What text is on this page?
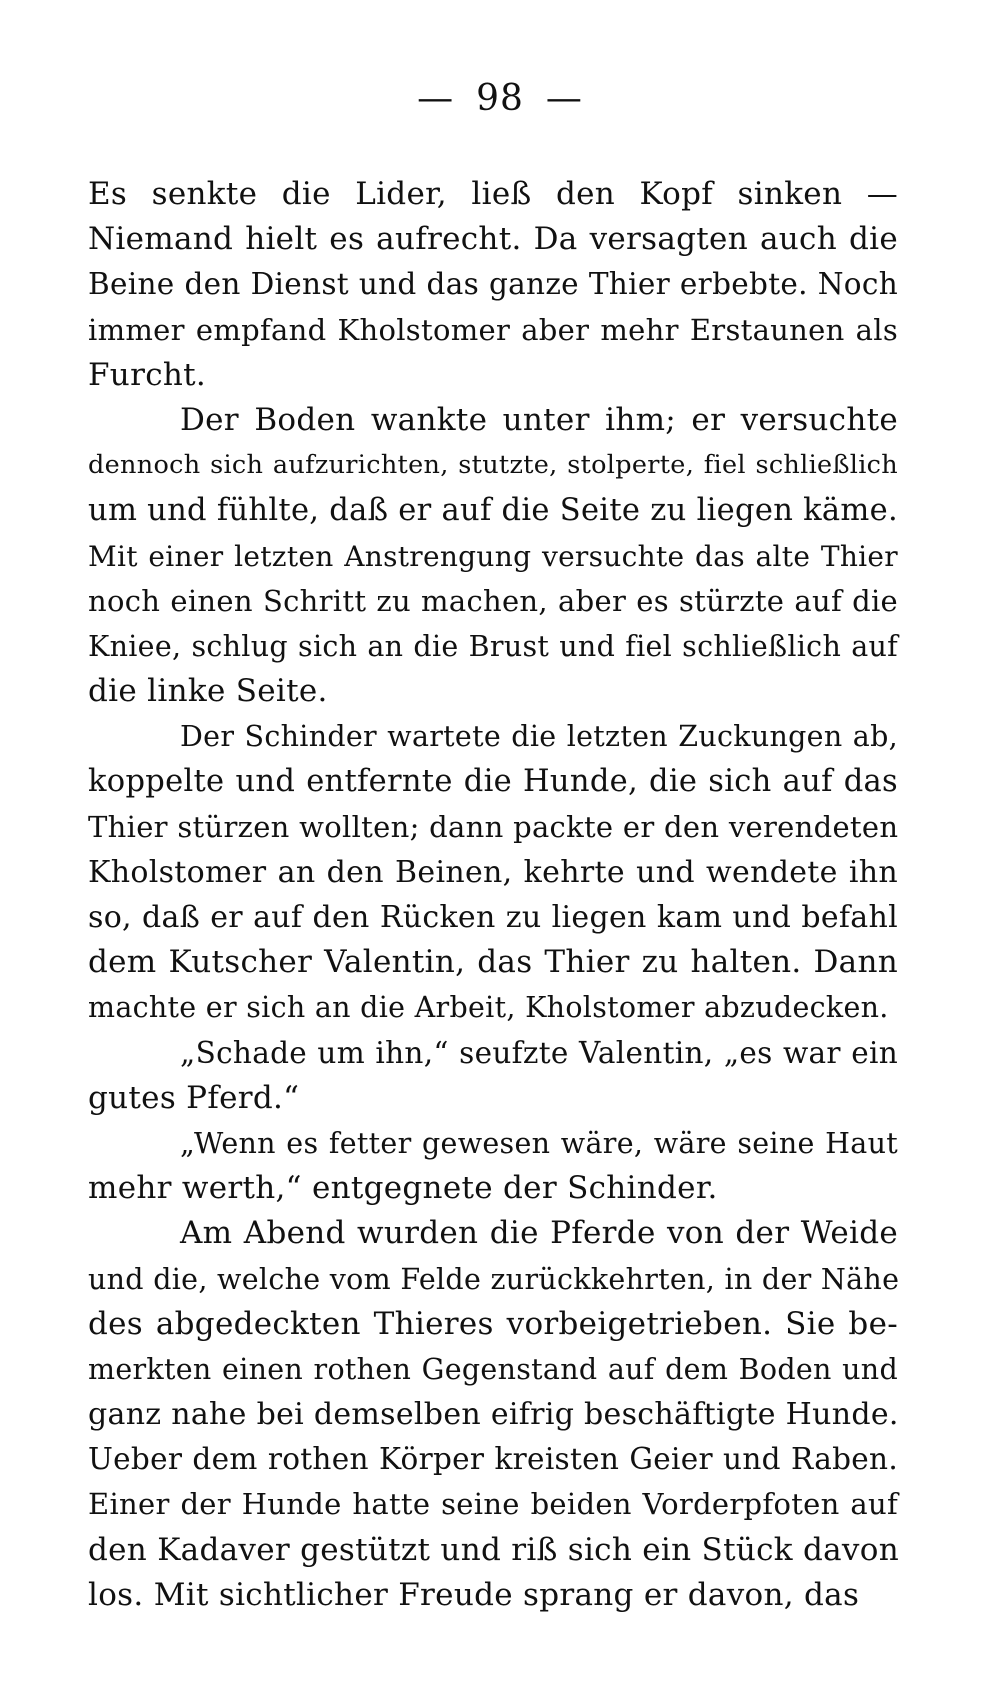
— 98 —
Es senkte die Lider, ließ den Kopf sinken —
Niemand hielt es aufrecht. Da versagten auch die
Beine den Dienst und das ganze Thier erbebte. Noch
immer empfand Kholstomer aber mehr Erstaunen als
Furcht.
Der Boden wankte unter ihm; er versuchte
dennoch sich aufzurichten, stutzte, stolperte, fiel schließlich
um und fühlte, daß er auf die Seite zu liegen käme.
Mit einer letzten Anstrengung versuchte das alte Thier
noch einen Schritt zu machen, aber es stürzte auf die
Kniee, schlug sich an die Brust und fiel schließlich auf
die linke Seite.
Der Schinder wartete die letzten Zuckungen ab,
koppelte und entfernte die Hunde, die sich auf das
Thier stürzen wollten; dann packte er den verendeten
Kholstomer an den Beinen, kehrte und wendete ihn
so, daß er auf den Rücken zu liegen kam und befahl
dem Kutscher Valentin, das Thier zu halten. Dann
machte er sich an die Arbeit, Kholstomer abzudecken.
„Schade um ihn,“ seufzte Valentin, „es war ein
gutes Pferd.“
„Wenn es fetter gewesen wäre, wäre seine Haut
mehr werth,“ entgegnete der Schinder.
Am Abend wurden die Pferde von der Weide
und die, welche vom Felde zurückkehrten, in der Nähe
des abgedeckten Thieres vorbeigetrieben. Sie be-
merkten einen rothen Gegenstand auf dem Boden und
ganz nahe bei demselben eifrig beschäftigte Hunde.
Ueber dem rothen Körper kreisten Geier und Raben.
Einer der Hunde hatte seine beiden Vorderpfoten auf
den Kadaver gestützt und riß sich ein Stück davon
los. Mit sichtlicher Freude sprang er davon, das
